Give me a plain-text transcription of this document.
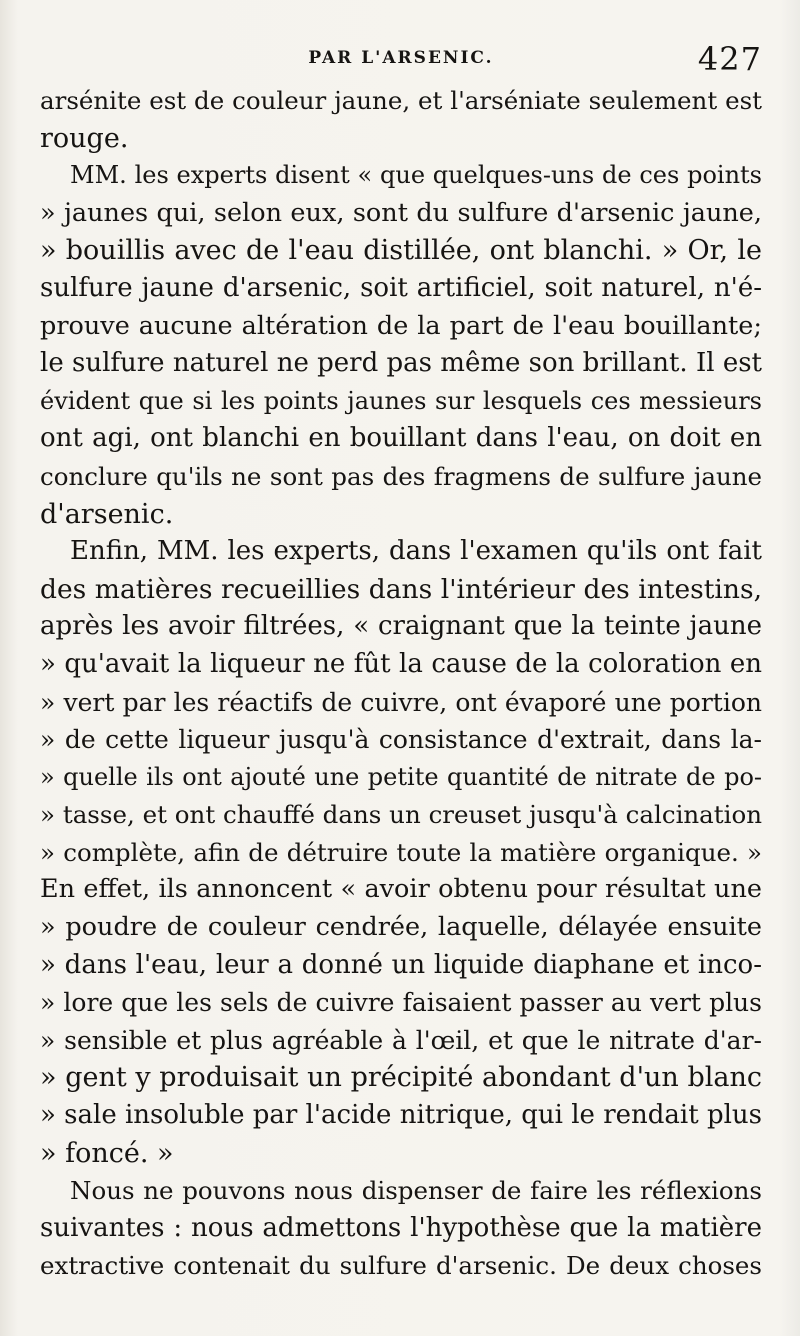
PAR L'ARSENIC.	427
arsénite est de couleur jaune, et l'arséniate seulement est
rouge.
MM. les experts disent « que quelques-uns de ces points
» jaunes qui, selon eux, sont du sulfure d'arsenic jaune,
» bouillis avec de l'eau distillée, ont blanchi. » Or, le
sulfure jaune d'arsenic, soit artificiel, soit naturel, n'é-
prouve aucune altération de la part de l'eau bouillante;
le sulfure naturel ne perd pas même son brillant. Il est
évident que si les points jaunes sur lesquels ces messieurs
ont agi, ont blanchi en bouillant dans l'eau, on doit en
conclure qu'ils ne sont pas des fragmens de sulfure jaune
d'arsenic.
Enfin, MM. les experts, dans l'examen qu'ils ont fait
des matières recueillies dans l'intérieur des intestins,
après les avoir filtrées, « craignant que la teinte jaune
» qu'avait la liqueur ne fût la cause de la coloration en
» vert par les réactifs de cuivre, ont évaporé une portion
» de cette liqueur jusqu'à consistance d'extrait, dans la-
» quelle ils ont ajouté une petite quantité de nitrate de po-
» tasse, et ont chauffé dans un creuset jusqu'à calcination
» complète, afin de détruire toute la matière organique. »
En effet, ils annoncent « avoir obtenu pour résultat une
» poudre de couleur cendrée, laquelle, délayée ensuite
» dans l'eau, leur a donné un liquide diaphane et inco-
» lore que les sels de cuivre faisaient passer au vert plus
» sensible et plus agréable à l'œil, et que le nitrate d'ar-
» gent y produisait un précipité abondant d'un blanc
» sale insoluble par l'acide nitrique, qui le rendait plus
» foncé. »
Nous ne pouvons nous dispenser de faire les réflexions
suivantes : nous admettons l'hypothèse que la matière
extractive contenait du sulfure d'arsenic. De deux choses
